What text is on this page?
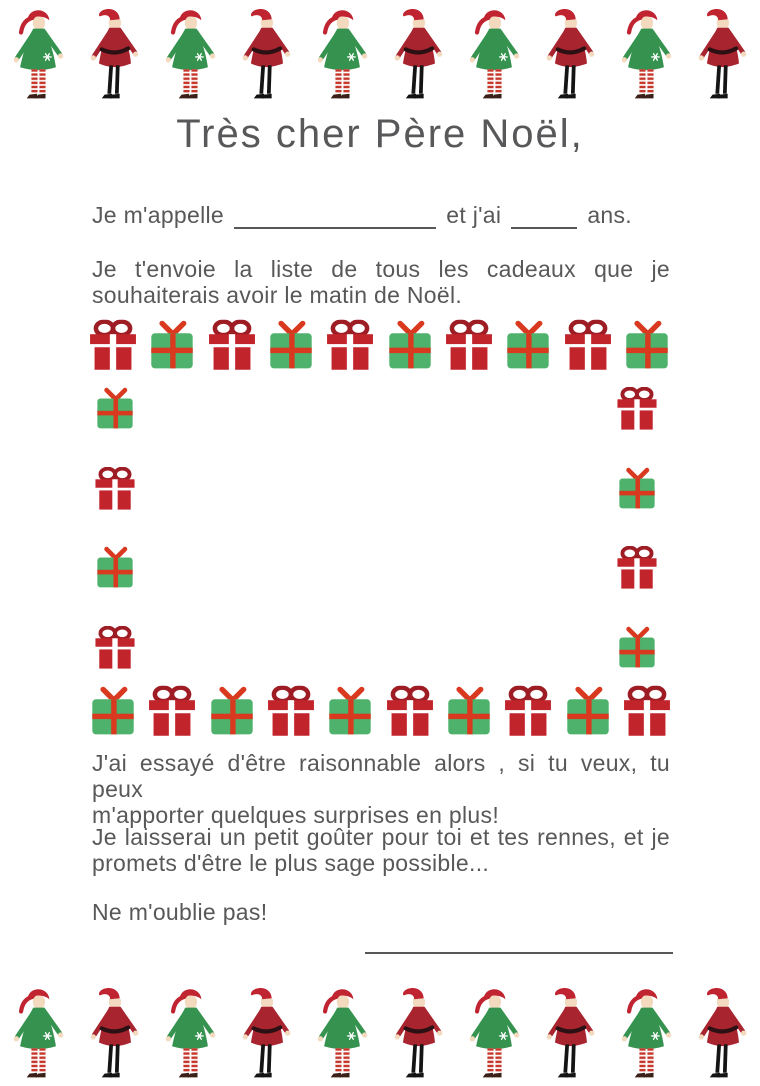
Très cher Père Noël,
Je m'appelle	et j'ai	ans.
Je t'envoie la liste de tous les cadeaux que je
souhaiterais avoir le matin de Noël.
J'ai essayé d'être raisonnable alors , si tu veux, tu peux
m'apporter quelques surprises en plus!
Je laisserai un petit goûter pour toi et tes rennes, et je
promets d'être le plus sage possible...
Ne m'oublie pas!
